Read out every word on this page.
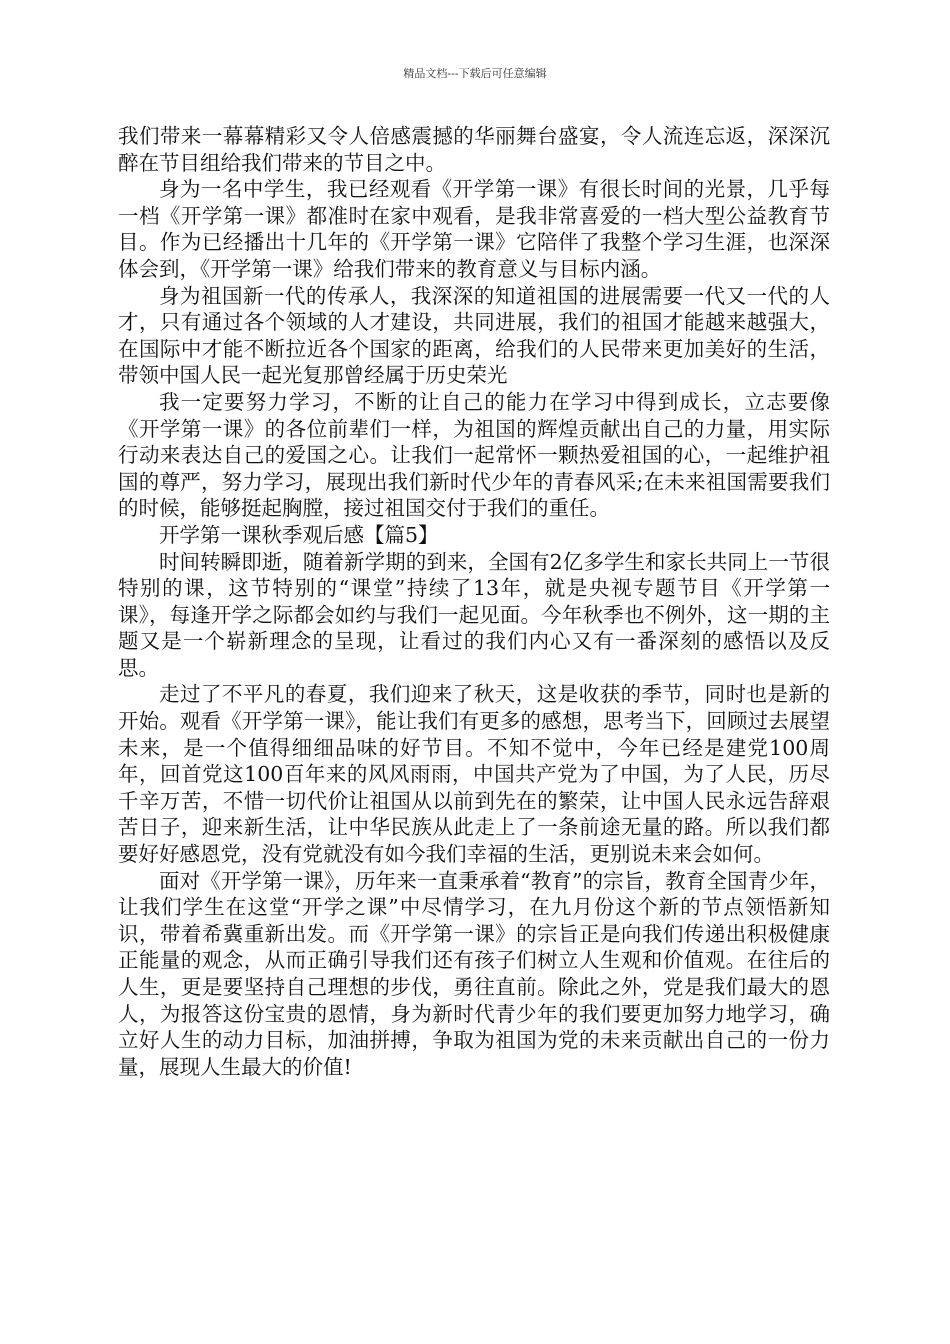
精品文档---下载后可任意编辑

我们带来一幕幕精彩又令人倍感震撼的华丽舞台盛宴，令人流连忘返，深深沉醉在节目组给我们带来的节目之中。

身为一名中学生，我已经观看《开学第一课》有很长时间的光景，几乎每一档《开学第一课》都准时在家中观看，是我非常喜爱的一档大型公益教育节目。作为已经播出十几年的《开学第一课》它陪伴了我整个学习生涯，也深深体会到，《开学第一课》给我们带来的教育意义与目标内涵。

身为祖国新一代的传承人，我深深的知道祖国的进展需要一代又一代的人才，只有通过各个领域的人才建设，共同进展，我们的祖国才能越来越强大，在国际中才能不断拉近各个国家的距离，给我们的人民带来更加美好的生活，带领中国人民一起光复那曾经属于历史荣光

我一定要努力学习，不断的让自己的能力在学习中得到成长，立志要像《开学第一课》的各位前辈们一样，为祖国的辉煌贡献出自己的力量，用实际行动来表达自己的爱国之心。让我们一起常怀一颗热爱祖国的心，一起维护祖国的尊严，努力学习，展现出我们新时代少年的青春风采;在未来祖国需要我们的时候，能够挺起胸膛，接过祖国交付于我们的重任。

开学第一课秋季观后感【篇5】

时间转瞬即逝，随着新学期的到来，全国有2亿多学生和家长共同上一节很特别的课，这节特别的“课堂”持续了13年，就是央视专题节目《开学第一课》，每逢开学之际都会如约与我们一起见面。今年秋季也不例外，这一期的主题又是一个崭新理念的呈现，让看过的我们内心又有一番深刻的感悟以及反思。

走过了不平凡的春夏，我们迎来了秋天，这是收获的季节，同时也是新的开始。观看《开学第一课》，能让我们有更多的感想，思考当下，回顾过去展望未来，是一个值得细细品味的好节目。不知不觉中，今年已经是建党100周年，回首党这100百年来的风风雨雨，中国共产党为了中国，为了人民，历尽千辛万苦，不惜一切代价让祖国从以前到先在的繁荣，让中国人民永远告辞艰苦日子，迎来新生活，让中华民族从此走上了一条前途无量的路。所以我们都要好好感恩党，没有党就没有如今我们幸福的生活，更别说未来会如何。

面对《开学第一课》，历年来一直秉承着“教育”的宗旨，教育全国青少年，让我们学生在这堂“开学之课”中尽情学习，在九月份这个新的节点领悟新知识，带着希冀重新出发。而《开学第一课》的宗旨正是向我们传递出积极健康正能量的观念，从而正确引导我们还有孩子们树立人生观和价值观。在往后的人生，更是要坚持自己理想的步伐，勇往直前。除此之外，党是我们最大的恩人，为报答这份宝贵的恩情，身为新时代青少年的我们要更加努力地学习，确立好人生的动力目标，加油拼搏，争取为祖国为党的未来贡献出自己的一份力量，展现人生最大的价值!
